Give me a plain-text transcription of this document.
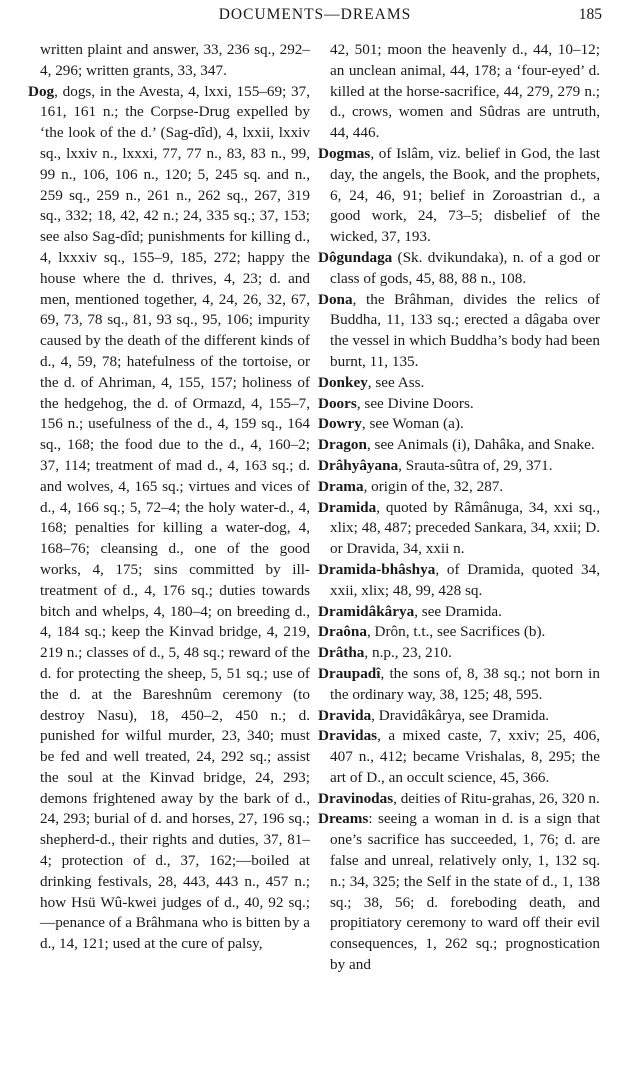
DOCUMENTS—DREAMS	185

written plaint and answer, 33, 236 sq., 292–4, 296; written grants, 33, 347.

Dog, dogs, in the Avesta, 4, lxxi, 155–69; 37, 161, 161 n.; the Corpse-Drug expelled by ‘the look of the d.’ (Sag-dîd), 4, lxxii, lxxiv sq., lxxiv n., lxxxi, 77, 77 n., 83, 83 n., 99, 99 n., 106, 106 n., 120; 5, 245 sq. and n., 259 sq., 259 n., 261 n., 262 sq., 267, 319 sq., 332; 18, 42, 42 n.; 24, 335 sq.; 37, 153; see also Sag-dîd; punishments for killing d., 4, lxxxiv sq., 155–9, 185, 272; happy the house where the d. thrives, 4, 23; d. and men, mentioned together, 4, 24, 26, 32, 67, 69, 73, 78 sq., 81, 93 sq., 95, 106; impurity caused by the death of the different kinds of d., 4, 59, 78; hatefulness of the tortoise, or the d. of Ahriman, 4, 155, 157; holiness of the hedgehog, the d. of Ormazd, 4, 155–7, 156 n.; usefulness of the d., 4, 159 sq., 164 sq., 168; the food due to the d., 4, 160–2; 37, 114; treatment of mad d., 4, 163 sq.; d. and wolves, 4, 165 sq.; virtues and vices of d., 4, 166 sq.; 5, 72–4; the holy water-d., 4, 168; penalties for killing a water-dog, 4, 168–76; cleansing d., one of the good works, 4, 175; sins committed by ill-treatment of d., 4, 176 sq.; duties towards bitch and whelps, 4, 180–4; on breeding d., 4, 184 sq.; keep the Kinvad bridge, 4, 219, 219 n.; classes of d., 5, 48 sq.; reward of the d. for protecting the sheep, 5, 51 sq.; use of the d. at the Bareshnûm ceremony (to destroy Nasu), 18, 450–2, 450 n.; d. punished for wilful murder, 23, 340; must be fed and well treated, 24, 292 sq.; assist the soul at the Kinvad bridge, 24, 293; demons frightened away by the bark of d., 24, 293; burial of d. and horses, 27, 196 sq.; shepherd-d., their rights and duties, 37, 81–4; protection of d., 37, 162;—boiled at drinking festivals, 28, 443, 443 n., 457 n.; how Hsü Wû-kwei judges of d., 40, 92 sq.;—penance of a Brâhmana who is bitten by a d., 14, 121; used at the cure of palsy,

42, 501; moon the heavenly d., 44, 10–12; an unclean animal, 44, 178; a ‘four-eyed’ d. killed at the horse-sacrifice, 44, 279, 279 n.; d., crows, women and Sûdras are untruth, 44, 446.

Dogmas, of Islâm, viz. belief in God, the last day, the angels, the Book, and the prophets, 6, 24, 46, 91; belief in Zoroastrian d., a good work, 24, 73–5; disbelief of the wicked, 37, 193.

Dôgundaga (Sk. dvikundaka), n. of a god or class of gods, 45, 88, 88 n., 108.

Dona, the Brâhman, divides the relics of Buddha, 11, 133 sq.; erected a dâgaba over the vessel in which Buddha’s body had been burnt, 11, 135.

Donkey, see Ass.

Doors, see Divine Doors.

Dowry, see Woman (a).

Dragon, see Animals (i), Dahâka, and Snake.

Drâhyâyana, Srauta-sûtra of, 29, 371.

Drama, origin of the, 32, 287.

Dramida, quoted by Râmânuga, 34, xxi sq., xlix; 48, 487; preceded Sankara, 34, xxii; D. or Dravida, 34, xxii n.

Dramida-bhâshya, of Dramida, quoted 34, xxii, xlix; 48, 99, 428 sq.

Dramidâkârya, see Dramida.

Draôna, Drôn, t.t., see Sacrifices (b).

Drâtha, n.p., 23, 210.

Draupadî, the sons of, 8, 38 sq.; not born in the ordinary way, 38, 125; 48, 595.

Dravida, Dravidâkârya, see Dramida.

Dravidas, a mixed caste, 7, xxiv; 25, 406, 407 n., 412; became Vrishalas, 8, 295; the art of D., an occult science, 45, 366.

Dravinodas, deities of Ritu-grahas, 26, 320 n.

Dreams: seeing a woman in d. is a sign that one’s sacrifice has succeeded, 1, 76; d. are false and unreal, relatively only, 1, 132 sq. n.; 34, 325; the Self in the state of d., 1, 138 sq.; 38, 56; d. foreboding death, and propitiatory ceremony to ward off their evil consequences, 1, 262 sq.; prognostication by and
